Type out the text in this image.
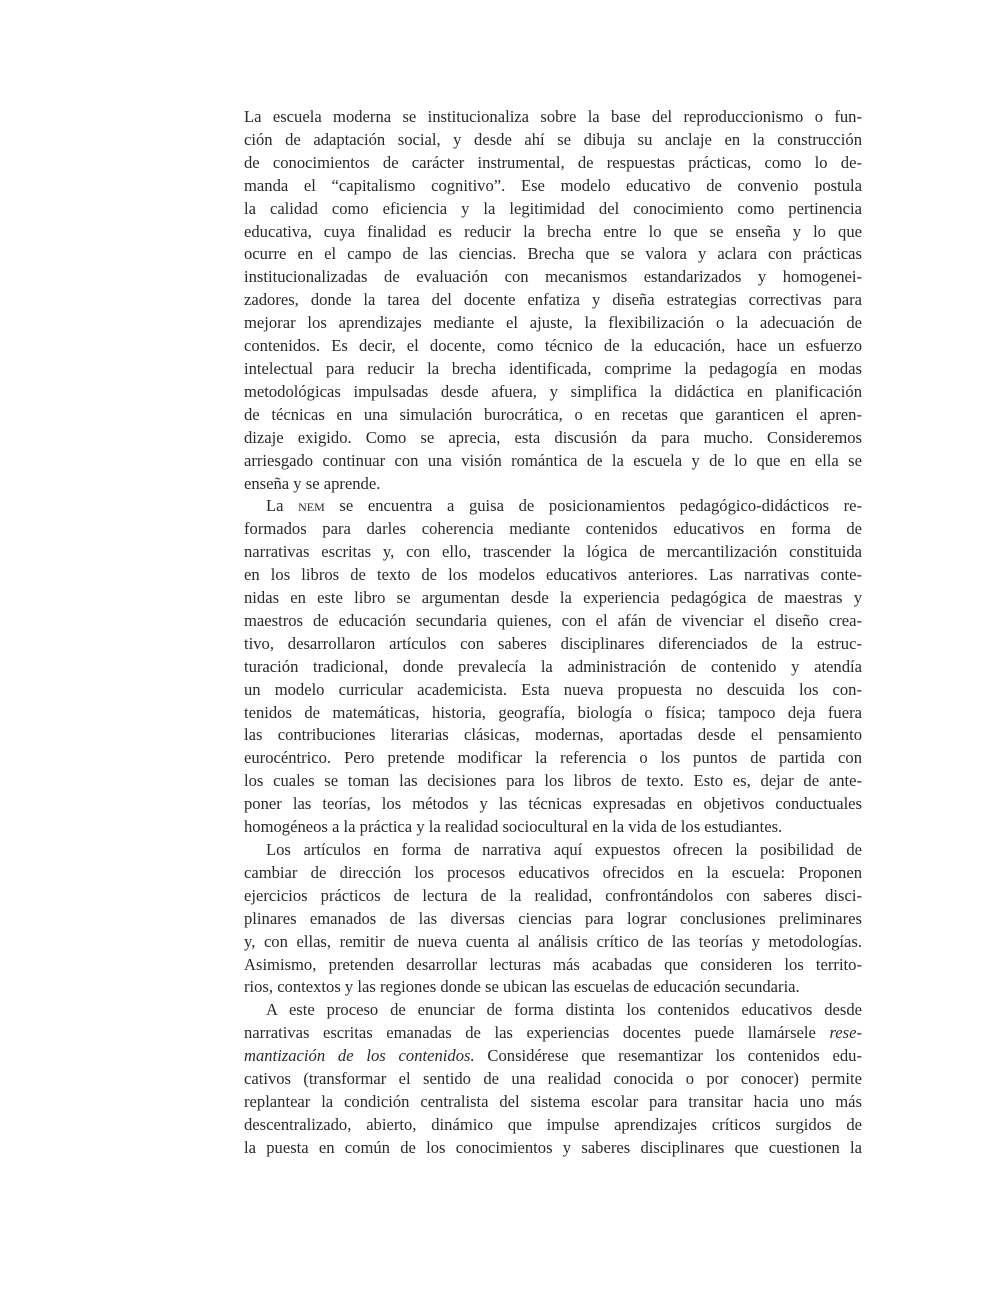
La escuela moderna se institucionaliza sobre la base del reproduccionismo o fun-
ción de adaptación social, y desde ahí se dibuja su anclaje en la construcción
de conocimientos de carácter instrumental, de respuestas prácticas, como lo de-
manda el “capitalismo cognitivo”. Ese modelo educativo de convenio postula
la calidad como eficiencia y la legitimidad del conocimiento como pertinencia
educativa, cuya finalidad es reducir la brecha entre lo que se enseña y lo que
ocurre en el campo de las ciencias. Brecha que se valora y aclara con prácticas
institucionalizadas de evaluación con mecanismos estandarizados y homogenei-
zadores, donde la tarea del docente enfatiza y diseña estrategias correctivas para
mejorar los aprendizajes mediante el ajuste, la flexibilización o la adecuación de
contenidos. Es decir, el docente, como técnico de la educación, hace un esfuerzo
intelectual para reducir la brecha identificada, comprime la pedagogía en modas
metodológicas impulsadas desde afuera, y simplifica la didáctica en planificación
de técnicas en una simulación burocrática, o en recetas que garanticen el apren-
dizaje exigido. Como se aprecia, esta discusión da para mucho. Consideremos
arriesgado continuar con una visión romántica de la escuela y de lo que en ella se
enseña y se aprende.
La nem se encuentra a guisa de posicionamientos pedagógico-didácticos re-
formados para darles coherencia mediante contenidos educativos en forma de
narrativas escritas y, con ello, trascender la lógica de mercantilización constituida
en los libros de texto de los modelos educativos anteriores. Las narrativas conte-
nidas en este libro se argumentan desde la experiencia pedagógica de maestras y
maestros de educación secundaria quienes, con el afán de vivenciar el diseño crea-
tivo, desarrollaron artículos con saberes disciplinares diferenciados de la estruc-
turación tradicional, donde prevalecía la administración de contenido y atendía
un modelo curricular academicista. Esta nueva propuesta no descuida los con-
tenidos de matemáticas, historia, geografía, biología o física; tampoco deja fuera
las contribuciones literarias clásicas, modernas, aportadas desde el pensamiento
eurocéntrico. Pero pretende modificar la referencia o los puntos de partida con
los cuales se toman las decisiones para los libros de texto. Esto es, dejar de ante-
poner las teorías, los métodos y las técnicas expresadas en objetivos conductuales
homogéneos a la práctica y la realidad sociocultural en la vida de los estudiantes.
Los artículos en forma de narrativa aquí expuestos ofrecen la posibilidad de
cambiar de dirección los procesos educativos ofrecidos en la escuela: Proponen
ejercicios prácticos de lectura de la realidad, confrontándolos con saberes disci-
plinares emanados de las diversas ciencias para lograr conclusiones preliminares
y, con ellas, remitir de nueva cuenta al análisis crítico de las teorías y metodologías.
Asimismo, pretenden desarrollar lecturas más acabadas que consideren los territo-
rios, contextos y las regiones donde se ubican las escuelas de educación secundaria.
A este proceso de enunciar de forma distinta los contenidos educativos desde
narrativas escritas emanadas de las experiencias docentes puede llamársele rese-
mantización de los contenidos. Considérese que resemantizar los contenidos edu-
cativos (transformar el sentido de una realidad conocida o por conocer) permite
replantear la condición centralista del sistema escolar para transitar hacia uno más
descentralizado, abierto, dinámico que impulse aprendizajes críticos surgidos de
la puesta en común de los conocimientos y saberes disciplinares que cuestionen la
